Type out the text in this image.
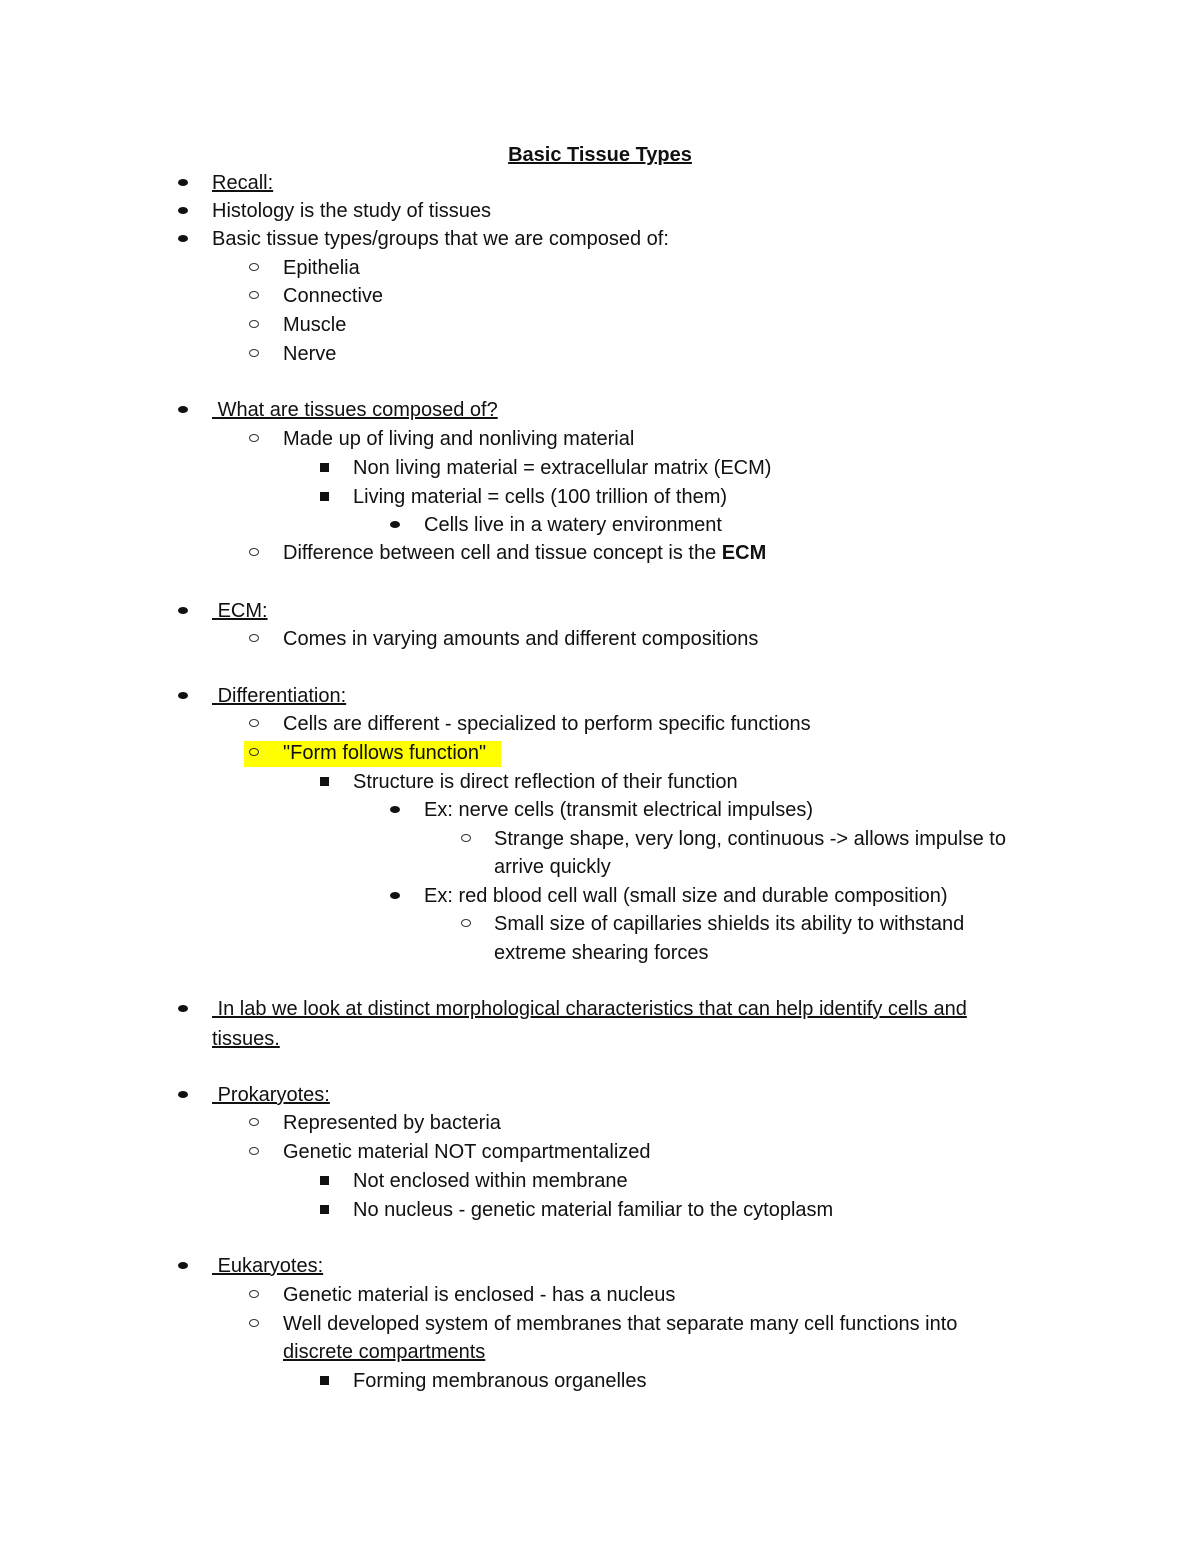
Basic Tissue Types
Recall:
Histology is the study of tissues
Basic tissue types/groups that we are composed of:
Epithelia
Connective
Muscle
Nerve
What are tissues composed of?
Made up of living and nonliving material
Non living material = extracellular matrix (ECM)
Living material = cells (100 trillion of them)
Cells live in a watery environment
Difference between cell and tissue concept is the ECM
ECM:
Comes in varying amounts and different compositions
Differentiation:
Cells are different - specialized to perform specific functions
"Form follows function"
Structure is direct reflection of their function
Ex: nerve cells (transmit electrical impulses)
Strange shape, very long, continuous -> allows impulse to
arrive quickly
Ex: red blood cell wall (small size and durable composition)
Small size of capillaries shields its ability to withstand
extreme shearing forces
In lab we look at distinct morphological characteristics that can help identify cells and
tissues.
Prokaryotes:
Represented by bacteria
Genetic material NOT compartmentalized
Not enclosed within membrane
No nucleus - genetic material familiar to the cytoplasm
Eukaryotes:
Genetic material is enclosed - has a nucleus
Well developed system of membranes that separate many cell functions into
discrete compartments
Forming membranous organelles
